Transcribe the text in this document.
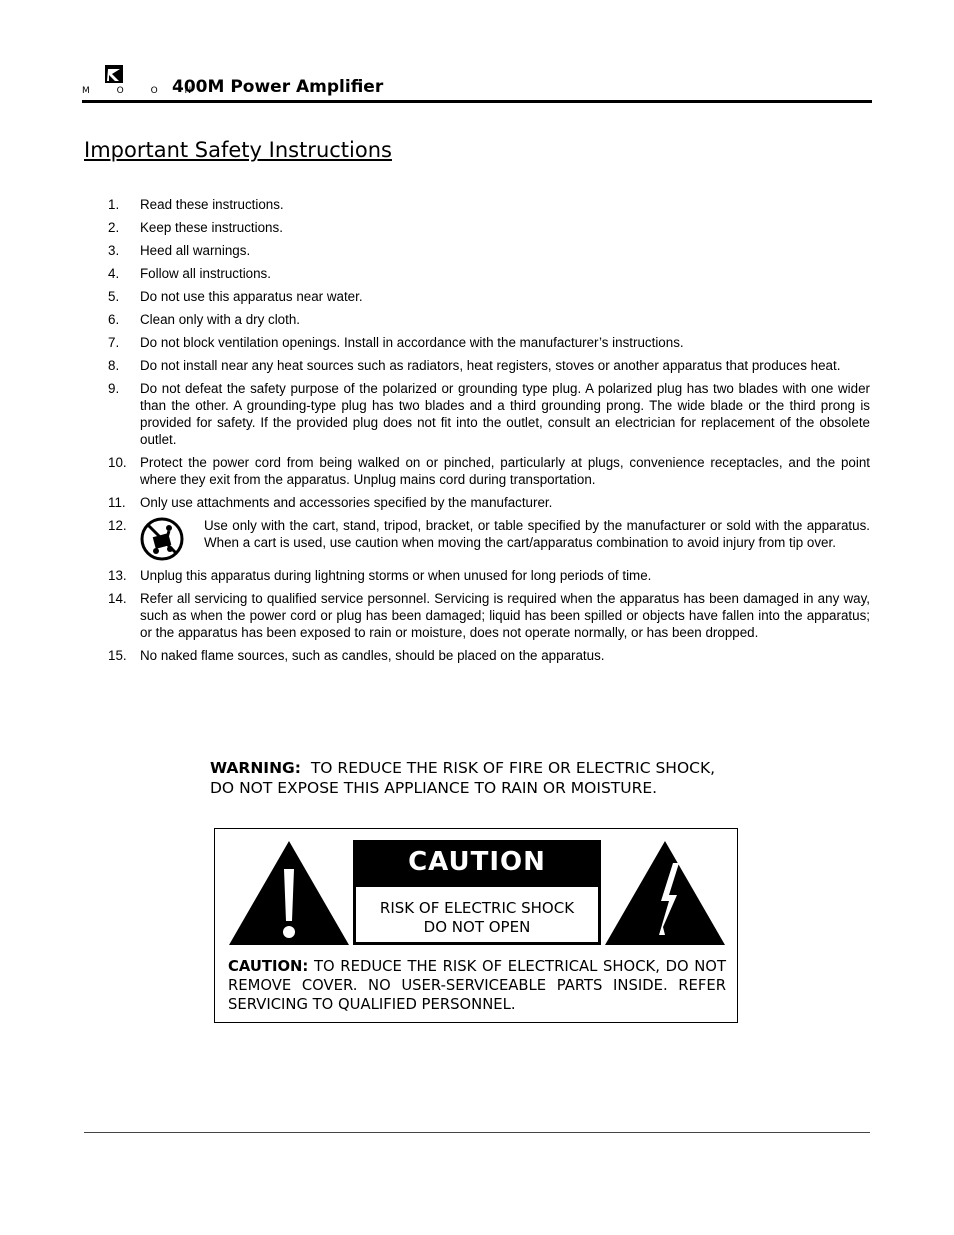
M O O N
400M Power Amplifier
Important Safety Instructions
1.	Read these instructions.
2.	Keep these instructions.
3.	Heed all warnings.
4.	Follow all instructions.
5.	Do not use this apparatus near water.
6.	Clean only with a dry cloth.
7.	Do not block ventilation openings. Install in accordance with the manufacturer’s instructions.
8.	Do not install near any heat sources such as radiators, heat registers, stoves or another apparatus that produces heat.
9.	Do not defeat the safety purpose of the polarized or grounding type plug. A polarized plug has two blades with one wider than the other. A grounding-type plug has two blades and a third grounding prong. The wide blade or the third prong is provided for safety. If the provided plug does not fit into the outlet, consult an electrician for replacement of the obsolete outlet.
10. Protect the power cord from being walked on or pinched, particularly at plugs, convenience receptacles, and the point where they exit from the apparatus. Unplug mains cord during transportation.
11.	Only use attachments and accessories specified by the manufacturer.
12.	Use only with the cart, stand, tripod, bracket, or table specified by the manufacturer or sold with the apparatus. When a cart is used, use caution when moving the cart/apparatus combination to avoid injury from tip over.
13. Unplug this apparatus during lightning storms or when unused for long periods of time.
14. Refer all servicing to qualified service personnel. Servicing is required when the apparatus has been damaged in any way, such as when the power cord or plug has been damaged; liquid has been spilled or objects have fallen into the apparatus; or the apparatus has been exposed to rain or moisture, does not operate normally, or has been dropped.
15. No naked flame sources, such as candles, should be placed on the apparatus.
WARNING: TO REDUCE THE RISK OF FIRE OR ELECTRIC SHOCK,
DO NOT EXPOSE THIS APPLIANCE TO RAIN OR MOISTURE.
CAUTION
RISK OF ELECTRIC SHOCK
DO NOT OPEN
CAUTION: TO REDUCE THE RISK OF ELECTRICAL SHOCK, DO NOT REMOVE COVER. NO USER-SERVICEABLE PARTS INSIDE. REFER SERVICING TO QUALIFIED PERSONNEL.
